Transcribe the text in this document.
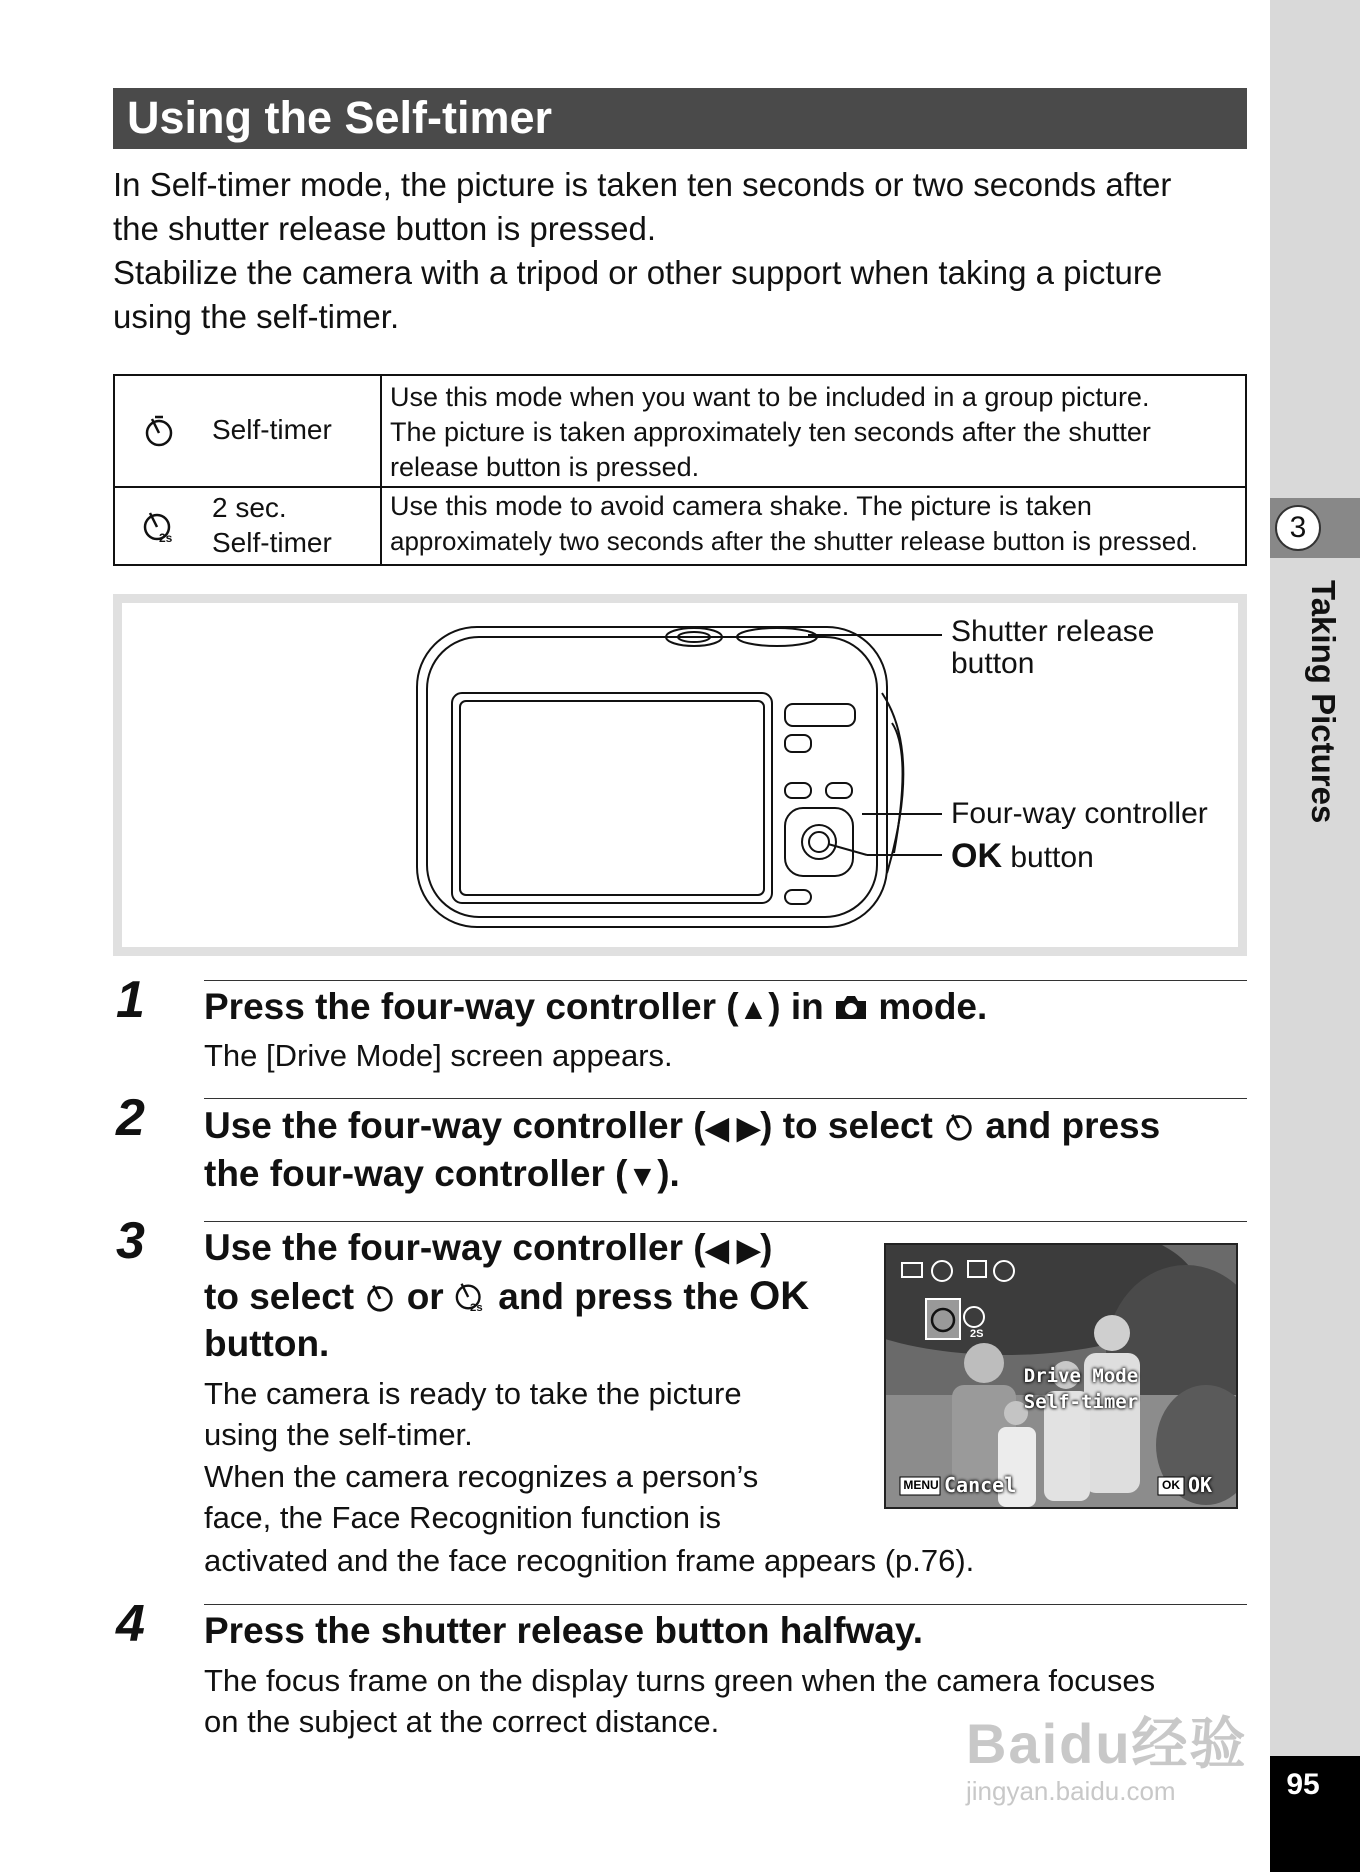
3
Taking Pictures
95
Using the Self-timer
In Self-timer mode, the picture is taken ten seconds or two seconds after
the shutter release button is pressed.
Stabilize the camera with a tripod or other support when taking a picture
using the self-timer.
Self-timer
Use this mode when you want to be included in a group picture.
The picture is taken approximately ten seconds after the shutter
release button is pressed.
2s
2 sec.
Self-timer
Use this mode to avoid camera shake. The picture is taken
approximately two seconds after the shutter release button is pressed.
Shutter release
button
Four-way controller
OK button
1 Press the four-way controller (▲) in mode.
The [Drive Mode] screen appears.
2 Use the four-way controller (◀ ▶) to select and press
the four-way controller (▼).
3 Use the four-way controller (◀ ▶)
to select or 2s and press the OK
button.
The camera is ready to take the picture
using the self-timer.
When the camera recognizes a person’s
face, the Face Recognition function is
activated and the face recognition frame appears (p.76).
2S
Drive Mode
Self-timer
MENU Cancel	OK OK
4 Press the shutter release button halfway.
The focus frame on the display turns green when the camera focuses
on the subject at the correct distance.	Baidu经验
jingyan.baidu.com
